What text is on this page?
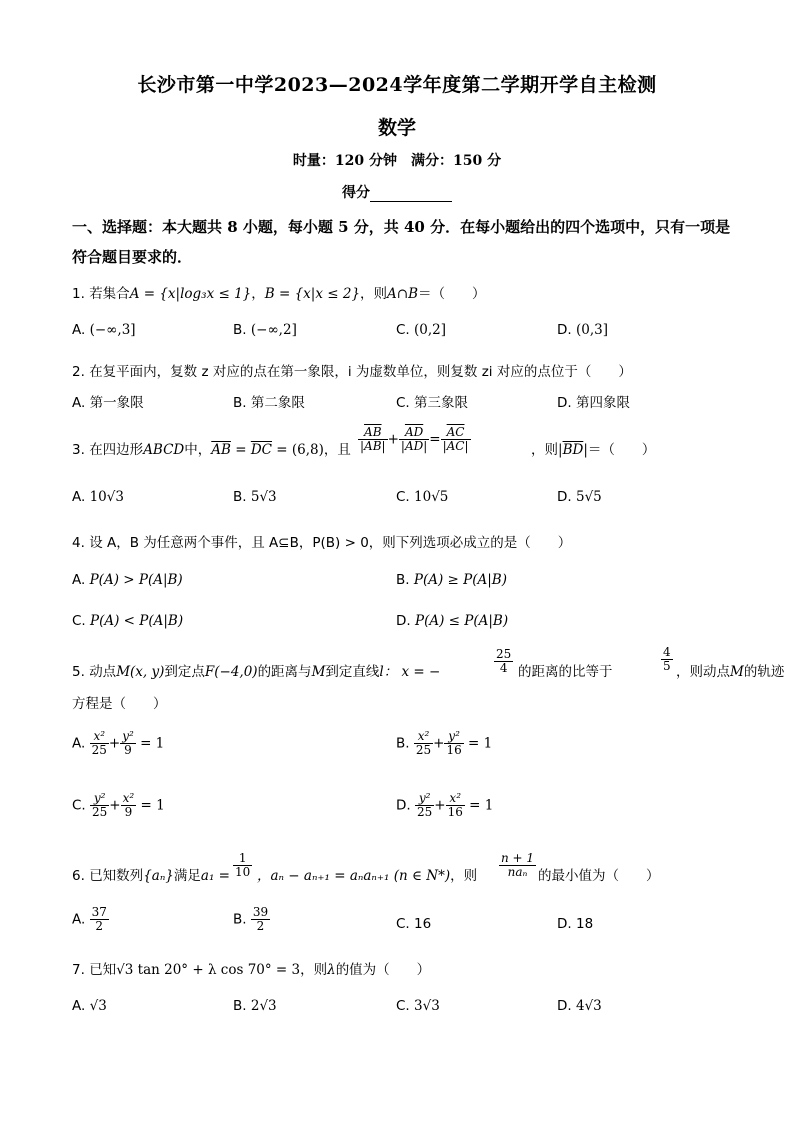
长沙市第一中学2023—2024学年度第二学期开学自主检测
数学
时量：120 分钟　满分：150 分
得分
一、选择题：本大题共 8 小题，每小题 5 分，共 40 分．在每小题给出的四个选项中，只有一项是符合题目要求的．
1. 若集合A = {x|log₃x ≤ 1}，B = {x|x ≤ 2}，则A∩B＝（　　）
A. (−∞,3]	B. (−∞,2]	C. (0,2]	D. (0,3]
2. 在复平面内，复数 z 对应的点在第一象限，i 为虚数单位，则复数 zi 对应的点位于（　　）
A. 第一象限	B. 第二象限	C. 第三象限	D. 第四象限
3. 在四边形ABCD中，$\overline{AB} = \overline{DC} = (6,8)$，且 $\frac{\overline{AB}}{|AB|} + \frac{\overline{AD}}{|AD|} = \frac{\overline{AC}}{|AC|}$	，则$|\overline{BD}|=$（　　）
A. 10√3	B. 5√3	C. 10√5	D. 5√5
4. 设 A，B 为任意两个事件，且 A⊆B，P(B) > 0，则下列选项必成立的是（　　）
A. P(A) > P(A|B)	B. P(A) ≥ P(A|B)
C. P(A) < P(A|B)	D. P(A) ≤ P(A|B)
5. 动点M(x, y)到定点F(−4,0)的距离与M到定直线l： x = −	$\frac{25}{4}$ 的距离的比等于	$\frac{4}{5}$ ，则动点M的轨迹
方程是（　　）
A. $\frac{\text{x²}}{25} + \frac{\text{y²}}{9} = 1$	B. $\frac{\text{x²}}{25} + \frac{\text{y²}}{16} = 1$
C. $\frac{\text{y²}}{25} + \frac{\text{x²}}{9} = 1$	D. $\frac{\text{y²}}{25} + \frac{\text{x²}}{16} = 1$
6. 已知数列{aₙ}满足$a_1 = \frac{1}{10}$ ，aₙ − aₙ₊₁ = aₙaₙ₊₁ (n ∈ N*)，则
n + 1
naₙ 的最小值为（　　）
A. $\frac{37}{2}$	B. $\frac{39}{2}$	C. 16	D. 18
7. 已知√3 tan 20° + λ cos 70° = 3，则λ的值为（　　）
A. √3	B. 2√3	C. 3√3	D. 4√3
